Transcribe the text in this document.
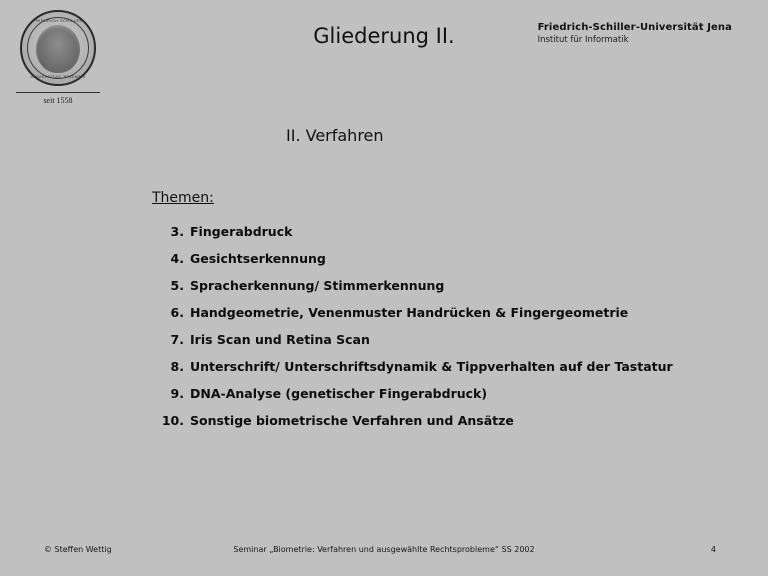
FRIEDRICH SCHILLER
UNIVERSITAS JENENSIS
seit 1558
Gliederung II.	Friedrich-Schiller-Universität Jena
Institut für Informatik
II. Verfahren
Themen:
3. Fingerabdruck
4. Gesichtserkennung
5. Spracherkennung/ Stimmerkennung
6. Handgeometrie, Venenmuster Handrücken & Fingergeometrie
7. Iris Scan und Retina Scan
8. Unterschrift/ Unterschriftsdynamik & Tippverhalten auf der Tastatur
9. DNA-Analyse (genetischer Fingerabdruck)
10. Sonstige biometrische Verfahren und Ansätze
© Steffen Wettig	Seminar „Biometrie: Verfahren und ausgewählte Rechtsprobleme“ SS 2002	4
